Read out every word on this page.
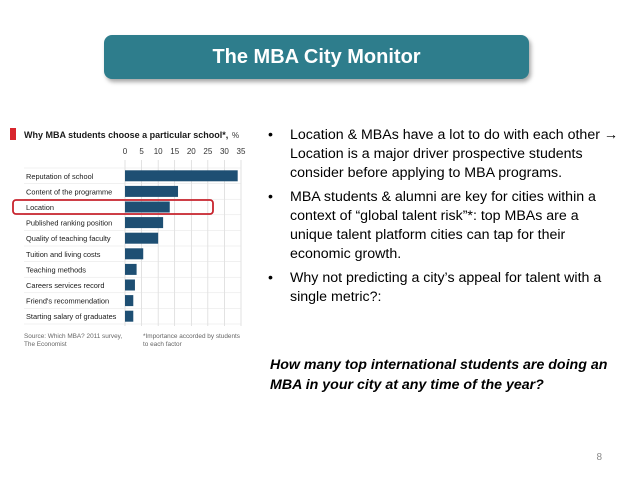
The MBA City Monitor
Why MBA students choose a particular school*, %
0 5 10 15 20 25 30 35
Reputation of school
Content of the programme
Location
Published ranking position
Quality of teaching faculty
Tuition and living costs
Teaching methods
Careers services record
Friend's recommendation
Starting salary of graduates
Source: Which MBA? 2011 survey, The Economist
*Importance accorded by students to each factor
•	Location & MBAs have a lot to do with each other → Location is a major driver prospective students consider before applying to MBA programs.
•	MBA students & alumni are key for cities within a context of “global talent risk”*: top MBAs are a unique talent platform cities can tap for their economic growth.
•	Why not predicting a city’s appeal for talent with a single metric?:
How many top international students are doing an MBA in your city at any time of the year?
8
